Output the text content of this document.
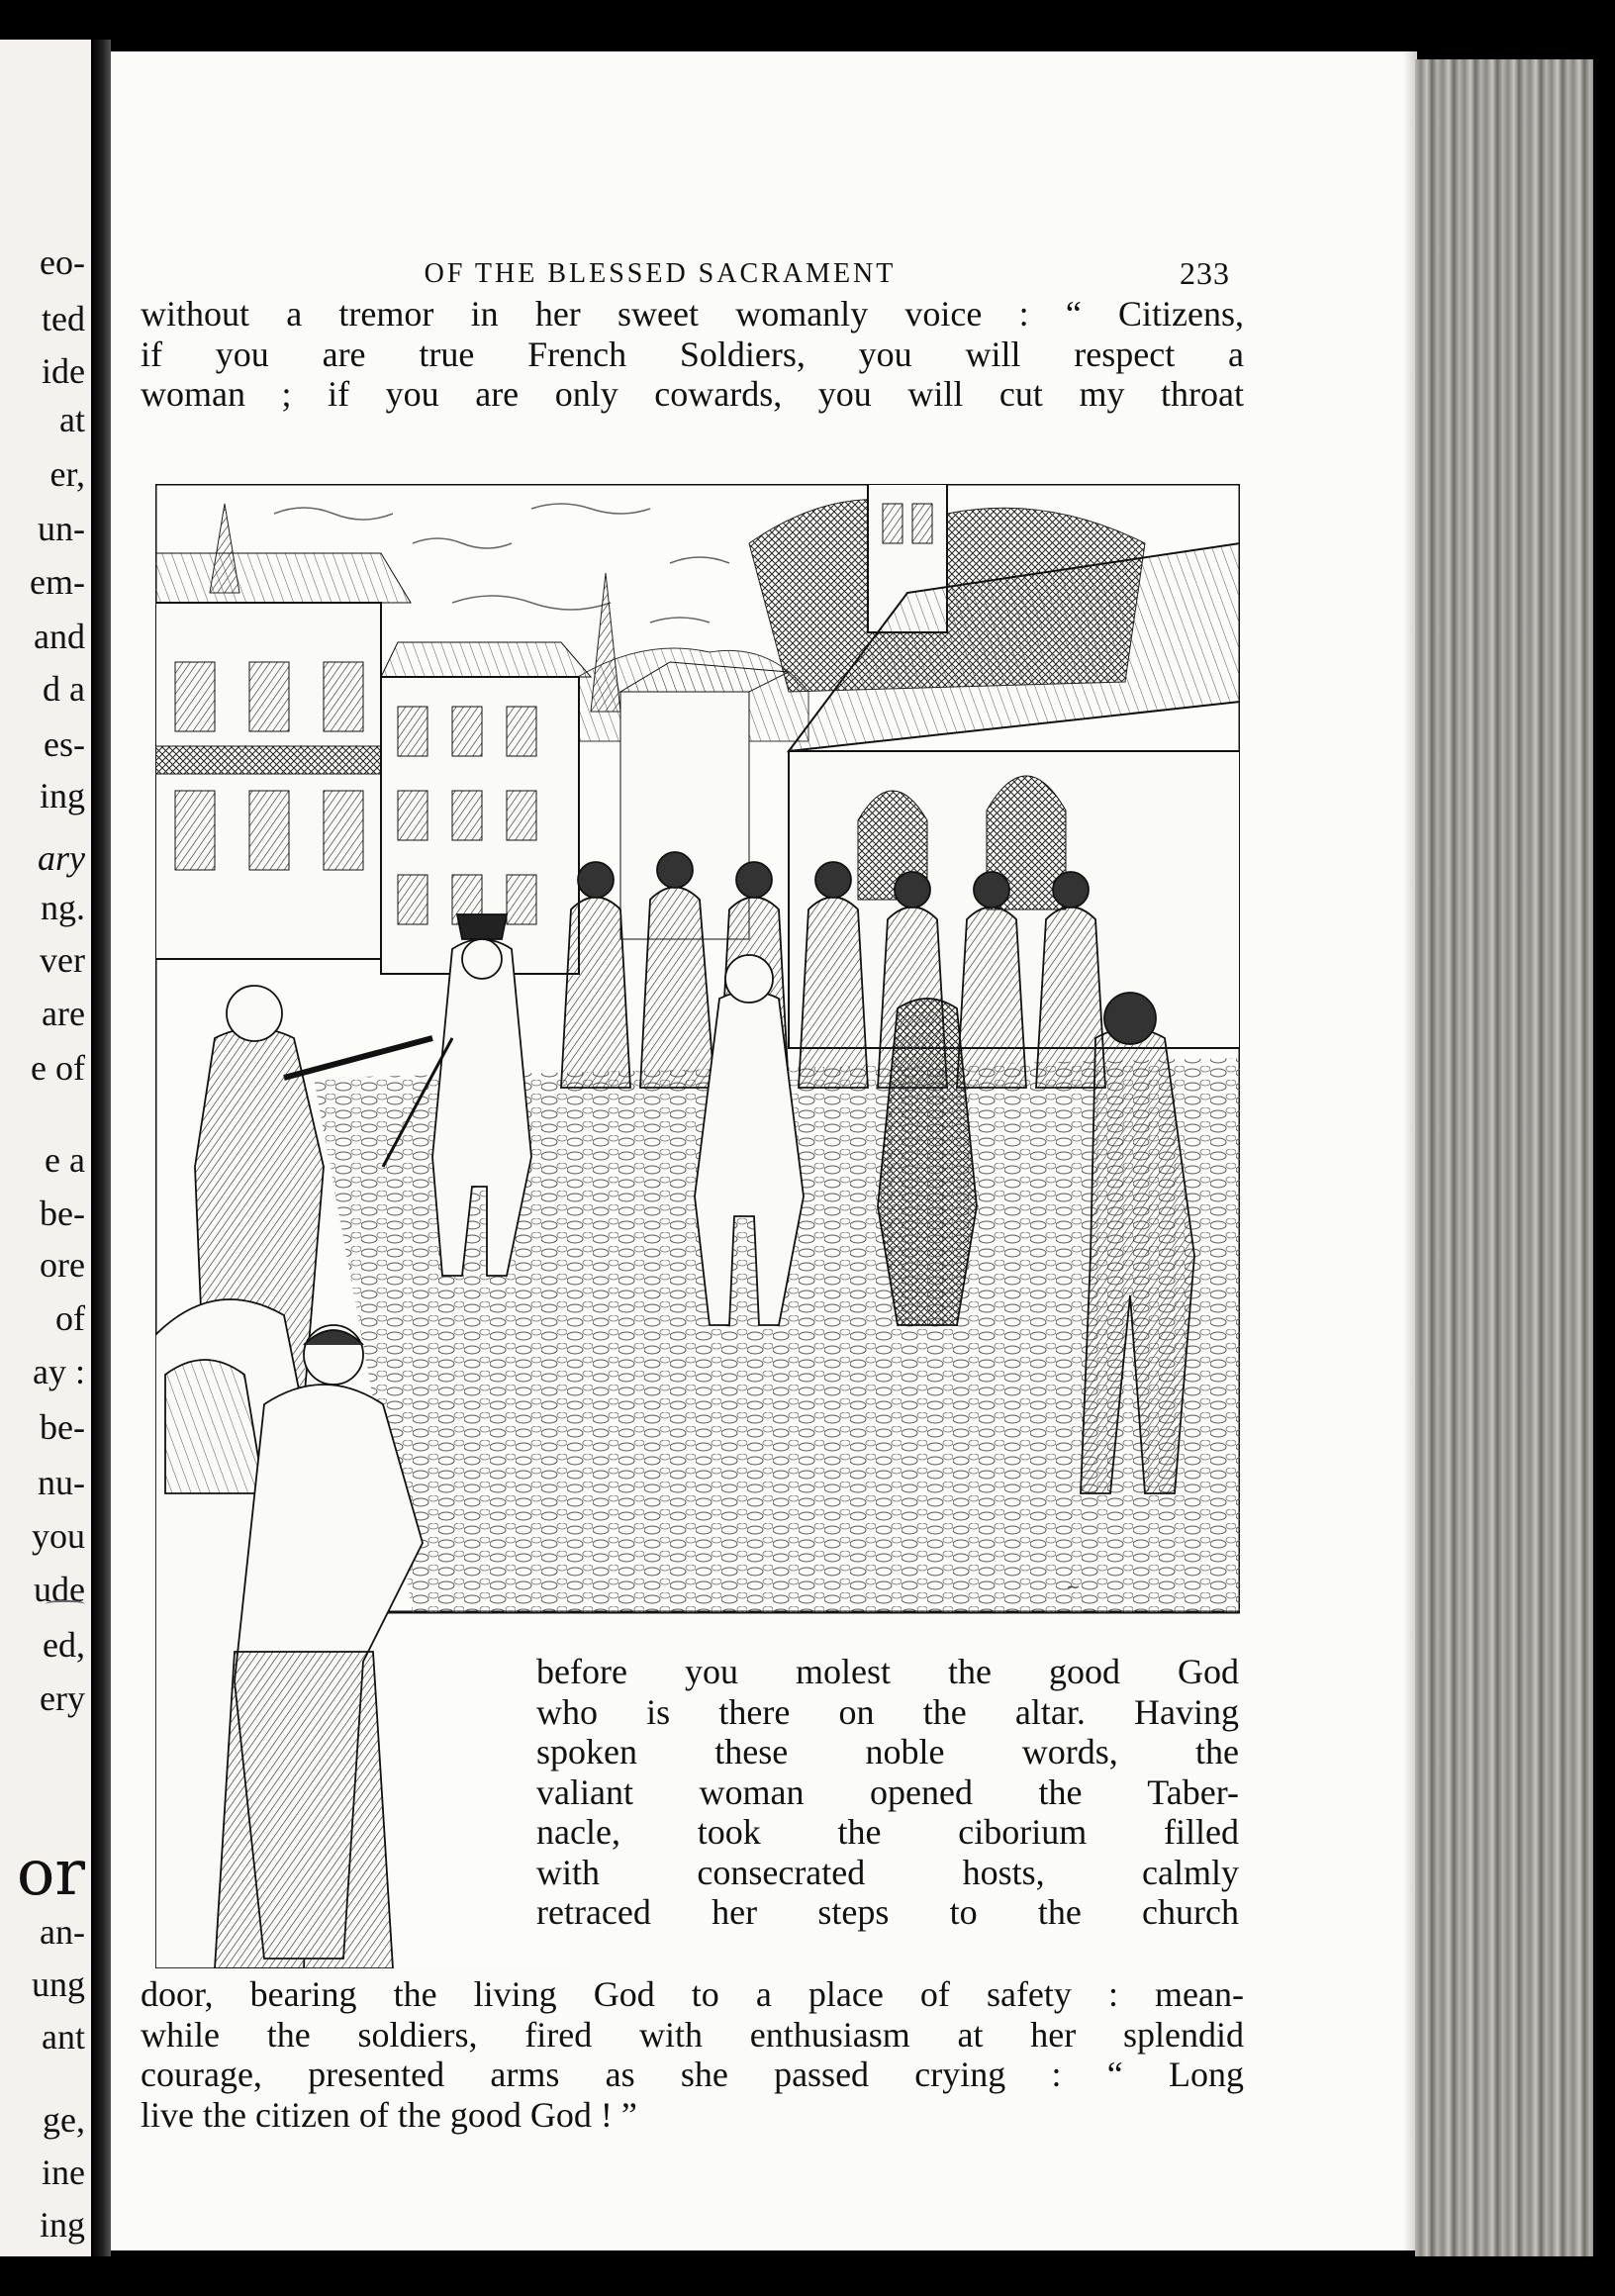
eo-
ted
ide
at
er,
un-
em-
and
d a
es-
ing
ary
ng.
ver
are
e of
e a
be-
ore
of
ay :
be-
nu-
you
ude
ed,
ery
or
an-
ung
ant
ge,
ine
ing
OF THE BLESSED SACRAMENT	233

without a tremor in her sweet womanly voice : “ Citizens,
if you are true French Soldiers, you will respect a
woman ; if you are only cowards, you will cut my throat

~

before you molest the good God
who is there on the altar. Having
spoken these noble words, the
valiant woman opened the Taber-
nacle, took the ciborium filled
with consecrated hosts, calmly
retraced her steps to the church

door, bearing the living God to a place of safety : mean-
while the soldiers, fired with enthusiasm at her splendid
courage, presented arms as she passed crying : “ Long
live the citizen of the good God ! ”
